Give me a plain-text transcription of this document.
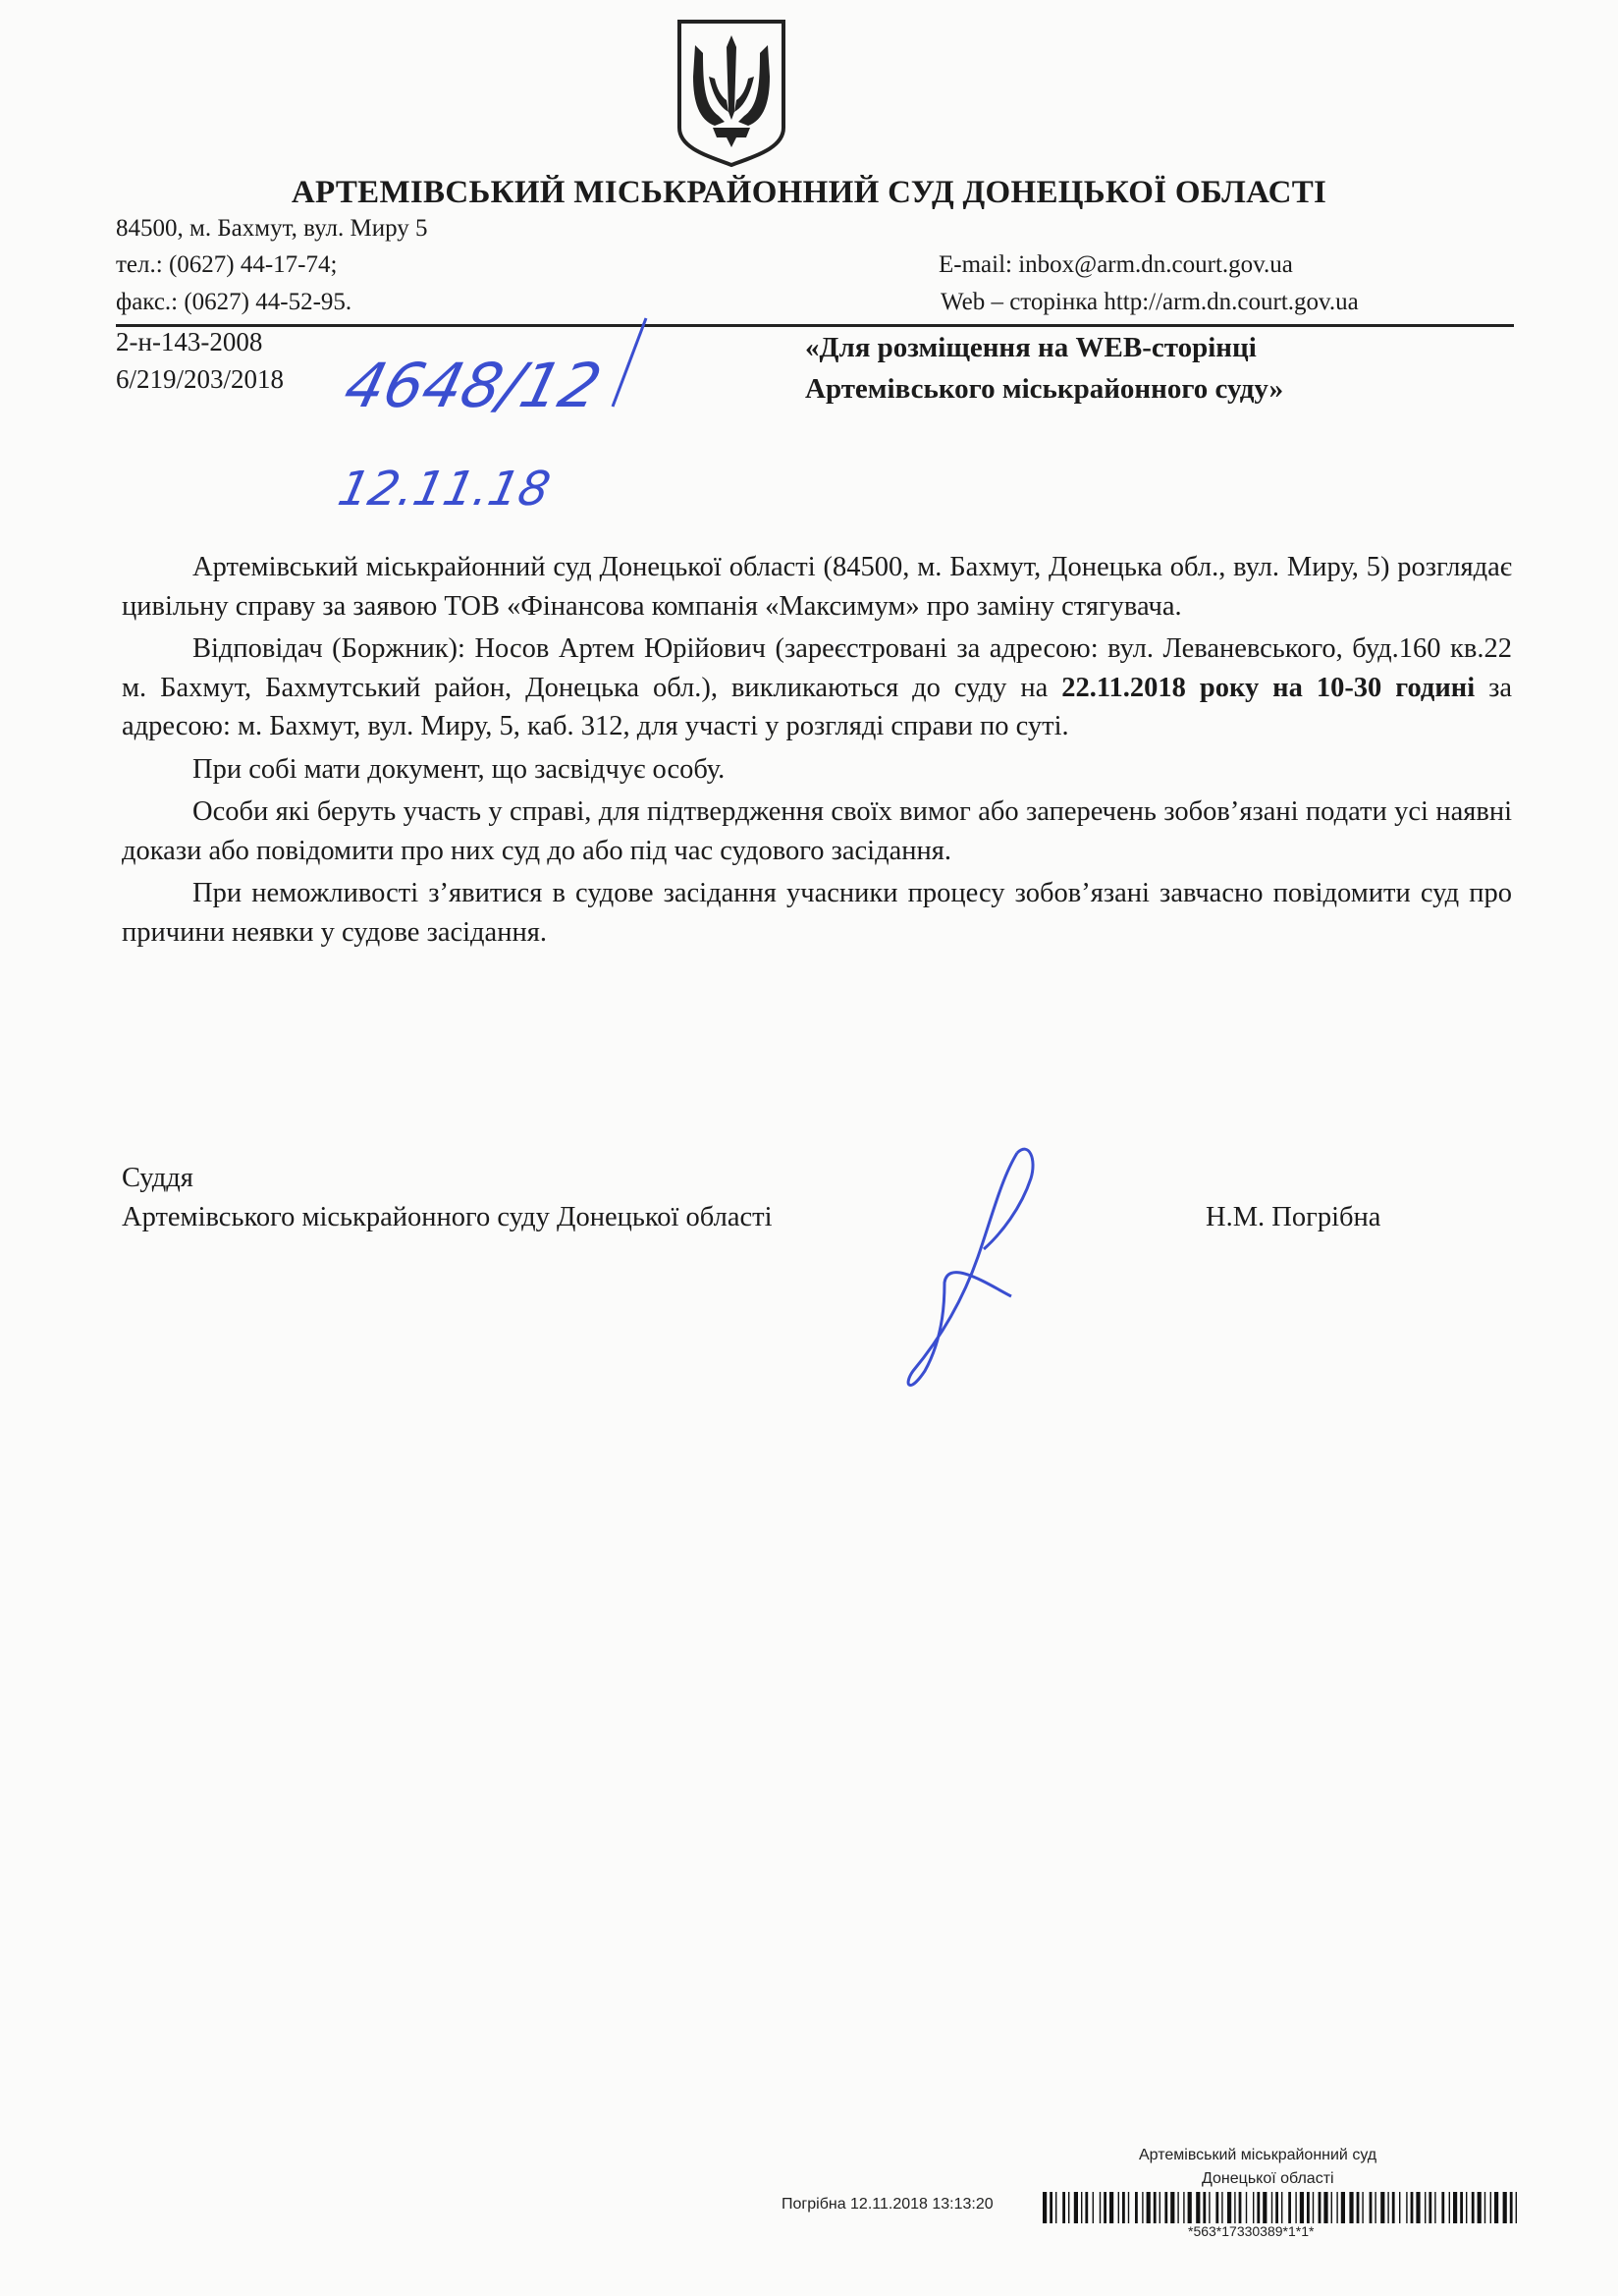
АРТЕМІВСЬКИЙ МІСЬКРАЙОННИЙ СУД ДОНЕЦЬКОЇ ОБЛАСТІ
84500, м. Бахмут, вул. Миру 5
тел.: (0627) 44-17-74;
факс.: (0627) 44-52-95.
E-mail: inbox@arm.dn.court.gov.ua
Web – сторінка http://arm.dn.court.gov.ua
2-н-143-2008
6/219/203/2018
«Для розміщення на WEB-сторінці
Артемівського міськрайонного суду»
4648/12
12.11.18

Артемівський міськрайонний суд Донецької області (84500, м. Бахмут, Донецька обл., вул. Миру, 5) розглядає цивільну справу за заявою ТОВ «Фінансова компанія «Максимум» про заміну стягувача.

Відповідач (Боржник): Носов Артем Юрійович (зареєстровані за адресою: вул. Леваневського, буд.160 кв.22 м. Бахмут, Бахмутський район, Донецька обл.), викликаються до суду на 22.11.2018 року на 10-30 годині за адресою: м. Бахмут, вул. Миру, 5, каб. 312, для участі у розгляді справи по суті.

При собі мати документ, що засвідчує особу.

Особи які беруть участь у справі, для підтвердження своїх вимог або заперечень зобов’язані подати усі наявні докази або повідомити про них суд до або під час судового засідання.

При неможливості з’явитися в судове засідання учасники процесу зобов’язані завчасно повідомити суд про причини неявки у судове засідання.

Суддя
Артемівського міськрайонного суду Донецької області	Н.М. Погрібна
Артемівський міськрайонний суд
Донецької області
Погрібна 12.11.2018 13:13:20
*563*17330389*1*1*
